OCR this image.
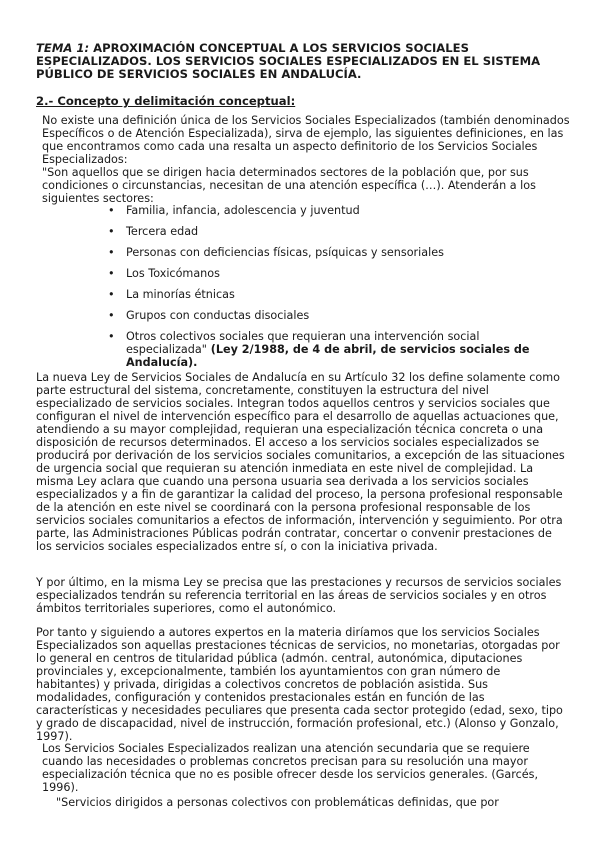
TEMA 1: APROXIMACIÓN CONCEPTUAL A LOS SERVICIOS SOCIALES ESPECIALIZADOS. LOS SERVICIOS SOCIALES ESPECIALIZADOS EN EL SISTEMA PÚBLICO DE SERVICIOS SOCIALES EN ANDALUCÍA.
2.- Concepto y delimitación conceptual:

No existe una definición única de los Servicios Sociales Especializados (también denominados Específicos o de Atención Especializada), sirva de ejemplo, las siguientes definiciones, en las que encontramos como cada una resalta un aspecto definitorio de los Servicios Sociales Especializados:

"Son aquellos que se dirigen hacia determinados sectores de la población que, por sus condiciones o circunstancias, necesitan de una atención específica (…). Atenderán a los siguientes sectores:

• Familia, infancia, adolescencia y juventud
• Tercera edad
• Personas con deficiencias físicas, psíquicas y sensoriales
• Los Toxicómanos
• La minorías étnicas
• Grupos con conductas disociales
• Otros colectivos sociales que requieran una intervención social especializada" (Ley 2/1988, de 4 de abril, de servicios sociales de Andalucía).

La nueva Ley de Servicios Sociales de Andalucía en su Artículo 32 los define solamente como parte estructural del sistema, concretamente, constituyen la estructura del nivel especializado de servicios sociales. Integran todos aquellos centros y servicios sociales que configuran el nivel de intervención específico para el desarrollo de aquellas actuaciones que, atendiendo a su mayor complejidad, requieran una especialización técnica concreta o una disposición de recursos determinados. El acceso a los servicios sociales especializados se producirá por derivación de los servicios sociales comunitarios, a excepción de las situaciones de urgencia social que requieran su atención inmediata en este nivel de complejidad. La misma Ley aclara que cuando una persona usuaria sea derivada a los servicios sociales especializados y a fin de garantizar la calidad del proceso, la persona profesional responsable de la atención en este nivel se coordinará con la persona profesional responsable de los servicios sociales comunitarios a efectos de información, intervención y seguimiento. Por otra parte, las Administraciones Públicas podrán contratar, concertar o convenir prestaciones de los servicios sociales especializados entre sí, o con la iniciativa privada.

Y por último, en la misma Ley se precisa que las prestaciones y recursos de servicios sociales especializados tendrán su referencia territorial en las áreas de servicios sociales y en otros ámbitos territoriales superiores, como el autonómico.

Por tanto y siguiendo a autores expertos en la materia diríamos que los servicios Sociales Especializados son aquellas prestaciones técnicas de servicios, no monetarias, otorgadas por lo general en centros de titularidad pública (admón. central, autonómica, diputaciones provinciales y, excepcionalmente, también los ayuntamientos con gran número de habitantes) y privada, dirigidas a colectivos concretos de población asistida. Sus modalidades, configuración y contenidos prestacionales están en función de las características y necesidades peculiares que presenta cada sector protegido (edad, sexo, tipo y grado de discapacidad, nivel de instrucción, formación profesional, etc.) (Alonso y Gonzalo, 1997).

Los Servicios Sociales Especializados realizan una atención secundaria que se requiere cuando las necesidades o problemas concretos precisan para su resolución una mayor especialización técnica que no es posible ofrecer desde los servicios generales. (Garcés, 1996).

"Servicios dirigidos a personas colectivos con problemáticas definidas, que por
